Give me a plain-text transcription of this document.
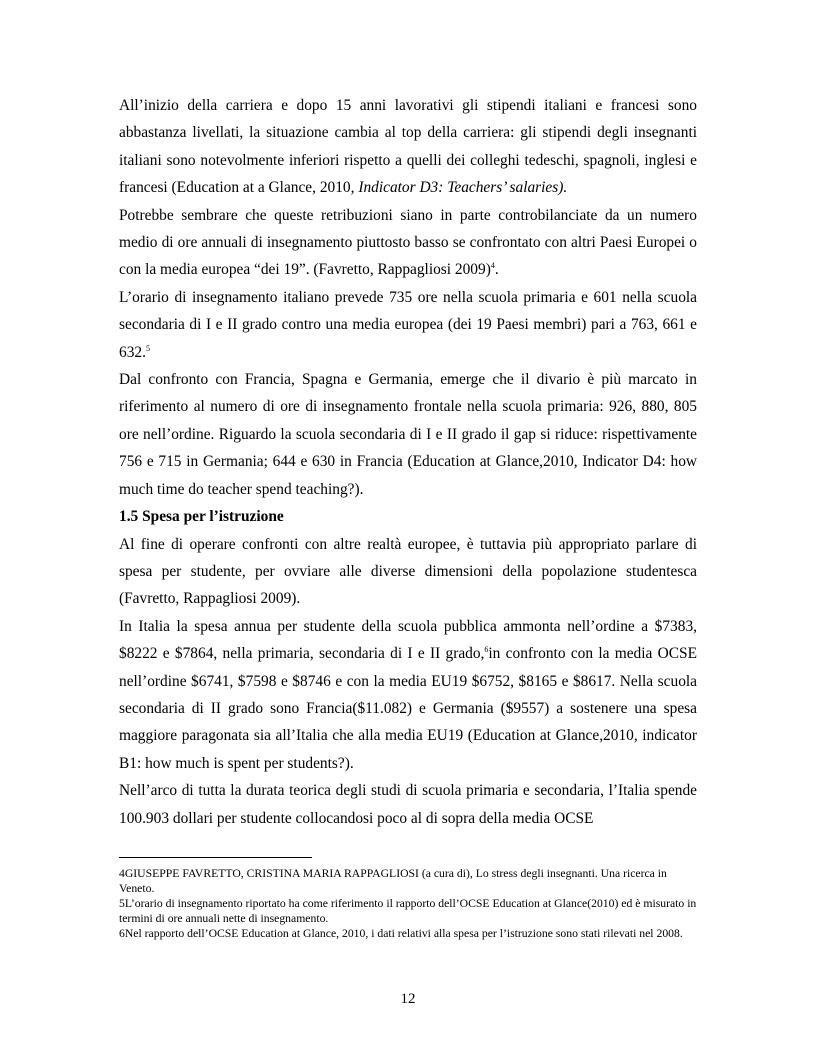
All’inizio della carriera e dopo 15 anni lavorativi gli stipendi italiani e francesi sono abbastanza livellati, la situazione cambia al top della carriera: gli stipendi degli insegnanti italiani sono notevolmente inferiori rispetto a quelli dei colleghi tedeschi, spagnoli, inglesi e francesi (Education at a Glance, 2010, Indicator D3: Teachers’ salaries).

Potrebbe sembrare che queste retribuzioni siano in parte controbilanciate da un numero medio di ore annuali di insegnamento piuttosto basso se confrontato con altri Paesi Europei o con la media europea “dei 19”. (Favretto, Rappagliosi 2009)$^4$.

L’orario di insegnamento italiano prevede 735 ore nella scuola primaria e 601 nella scuola secondaria di I e II grado contro una media europea (dei 19 Paesi membri) pari a 763, 661 e 632.$^5$

Dal confronto con Francia, Spagna e Germania, emerge che il divario è più marcato in riferimento al numero di ore di insegnamento frontale nella scuola primaria: 926, 880, 805 ore nell’ordine. Riguardo la scuola secondaria di I e II grado il gap si riduce: rispettivamente 756 e 715 in Germania; 644 e 630 in Francia (Education at Glance,2010, Indicator D4: how much time do teacher spend teaching?).

1.5 Spesa per l’istruzione

Al fine di operare confronti con altre realtà europee, è tuttavia più appropriato parlare di spesa per studente, per ovviare alle diverse dimensioni della popolazione studentesca (Favretto, Rappagliosi 2009).

In Italia la spesa annua per studente della scuola pubblica ammonta nell’ordine a $7383, $8222 e $7864, nella primaria, secondaria di I e II grado,$^6$in confronto con la media OCSE nell’ordine $6741, $7598 e $8746 e con la media EU19 $6752, $8165 e $8617. Nella scuola secondaria di II grado sono Francia($11.082) e Germania ($9557) a sostenere una spesa maggiore paragonata sia all’Italia che alla media EU19 (Education at Glance,2010, indicator B1: how much is spent per students?).

Nell’arco di tutta la durata teorica degli studi di scuola primaria e secondaria, l’Italia spende 100.903 dollari per studente collocandosi poco al di sopra della media OCSE

4GIUSEPPE FAVRETTO, CRISTINA MARIA RAPPAGLIOSI (a cura di), Lo stress degli insegnanti. Una ricerca in Veneto.

5L’orario di insegnamento riportato ha come riferimento il rapporto dell’OCSE Education at Glance(2010) ed è misurato in termini di ore annuali nette di insegnamento.

6Nel rapporto dell’OCSE Education at Glance, 2010, i dati relativi alla spesa per l’istruzione sono stati rilevati nel 2008.

12
